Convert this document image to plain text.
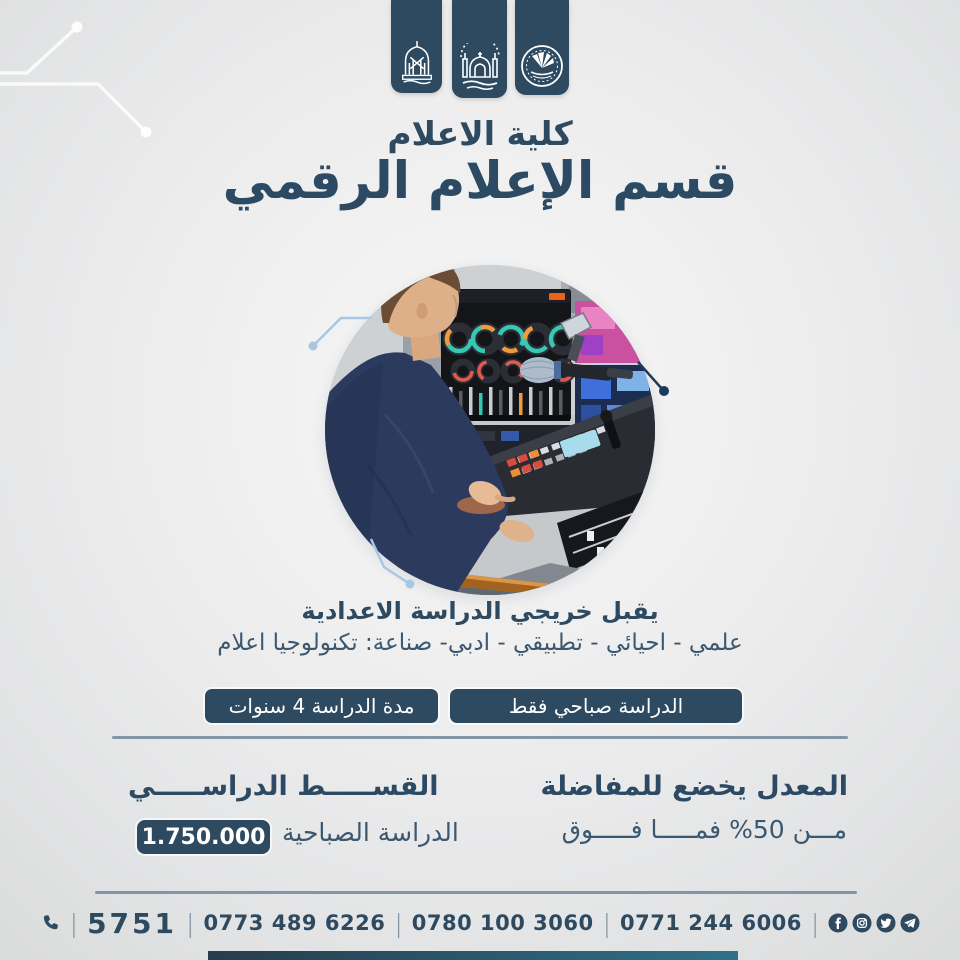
كلية الاعلام
قسم الإعلام الرقمي
يقبل خريجي الدراسة الاعدادية
علمي - احيائي - تطبيقي - ادبي- صناعة: تكنولوجيا اعلام
الدراسة صباحي فقط
مدة الدراسة 4 سنوات
المعدل يخضع للمفاضلة
مـــن 50% فمـــــا فـــــوق
القســـــط الدراســـــي
الدراسة الصباحية
1.750.000
| 5751 | 0773 489 6226 | 0780 100 3060 | 0771 244 6006 |
